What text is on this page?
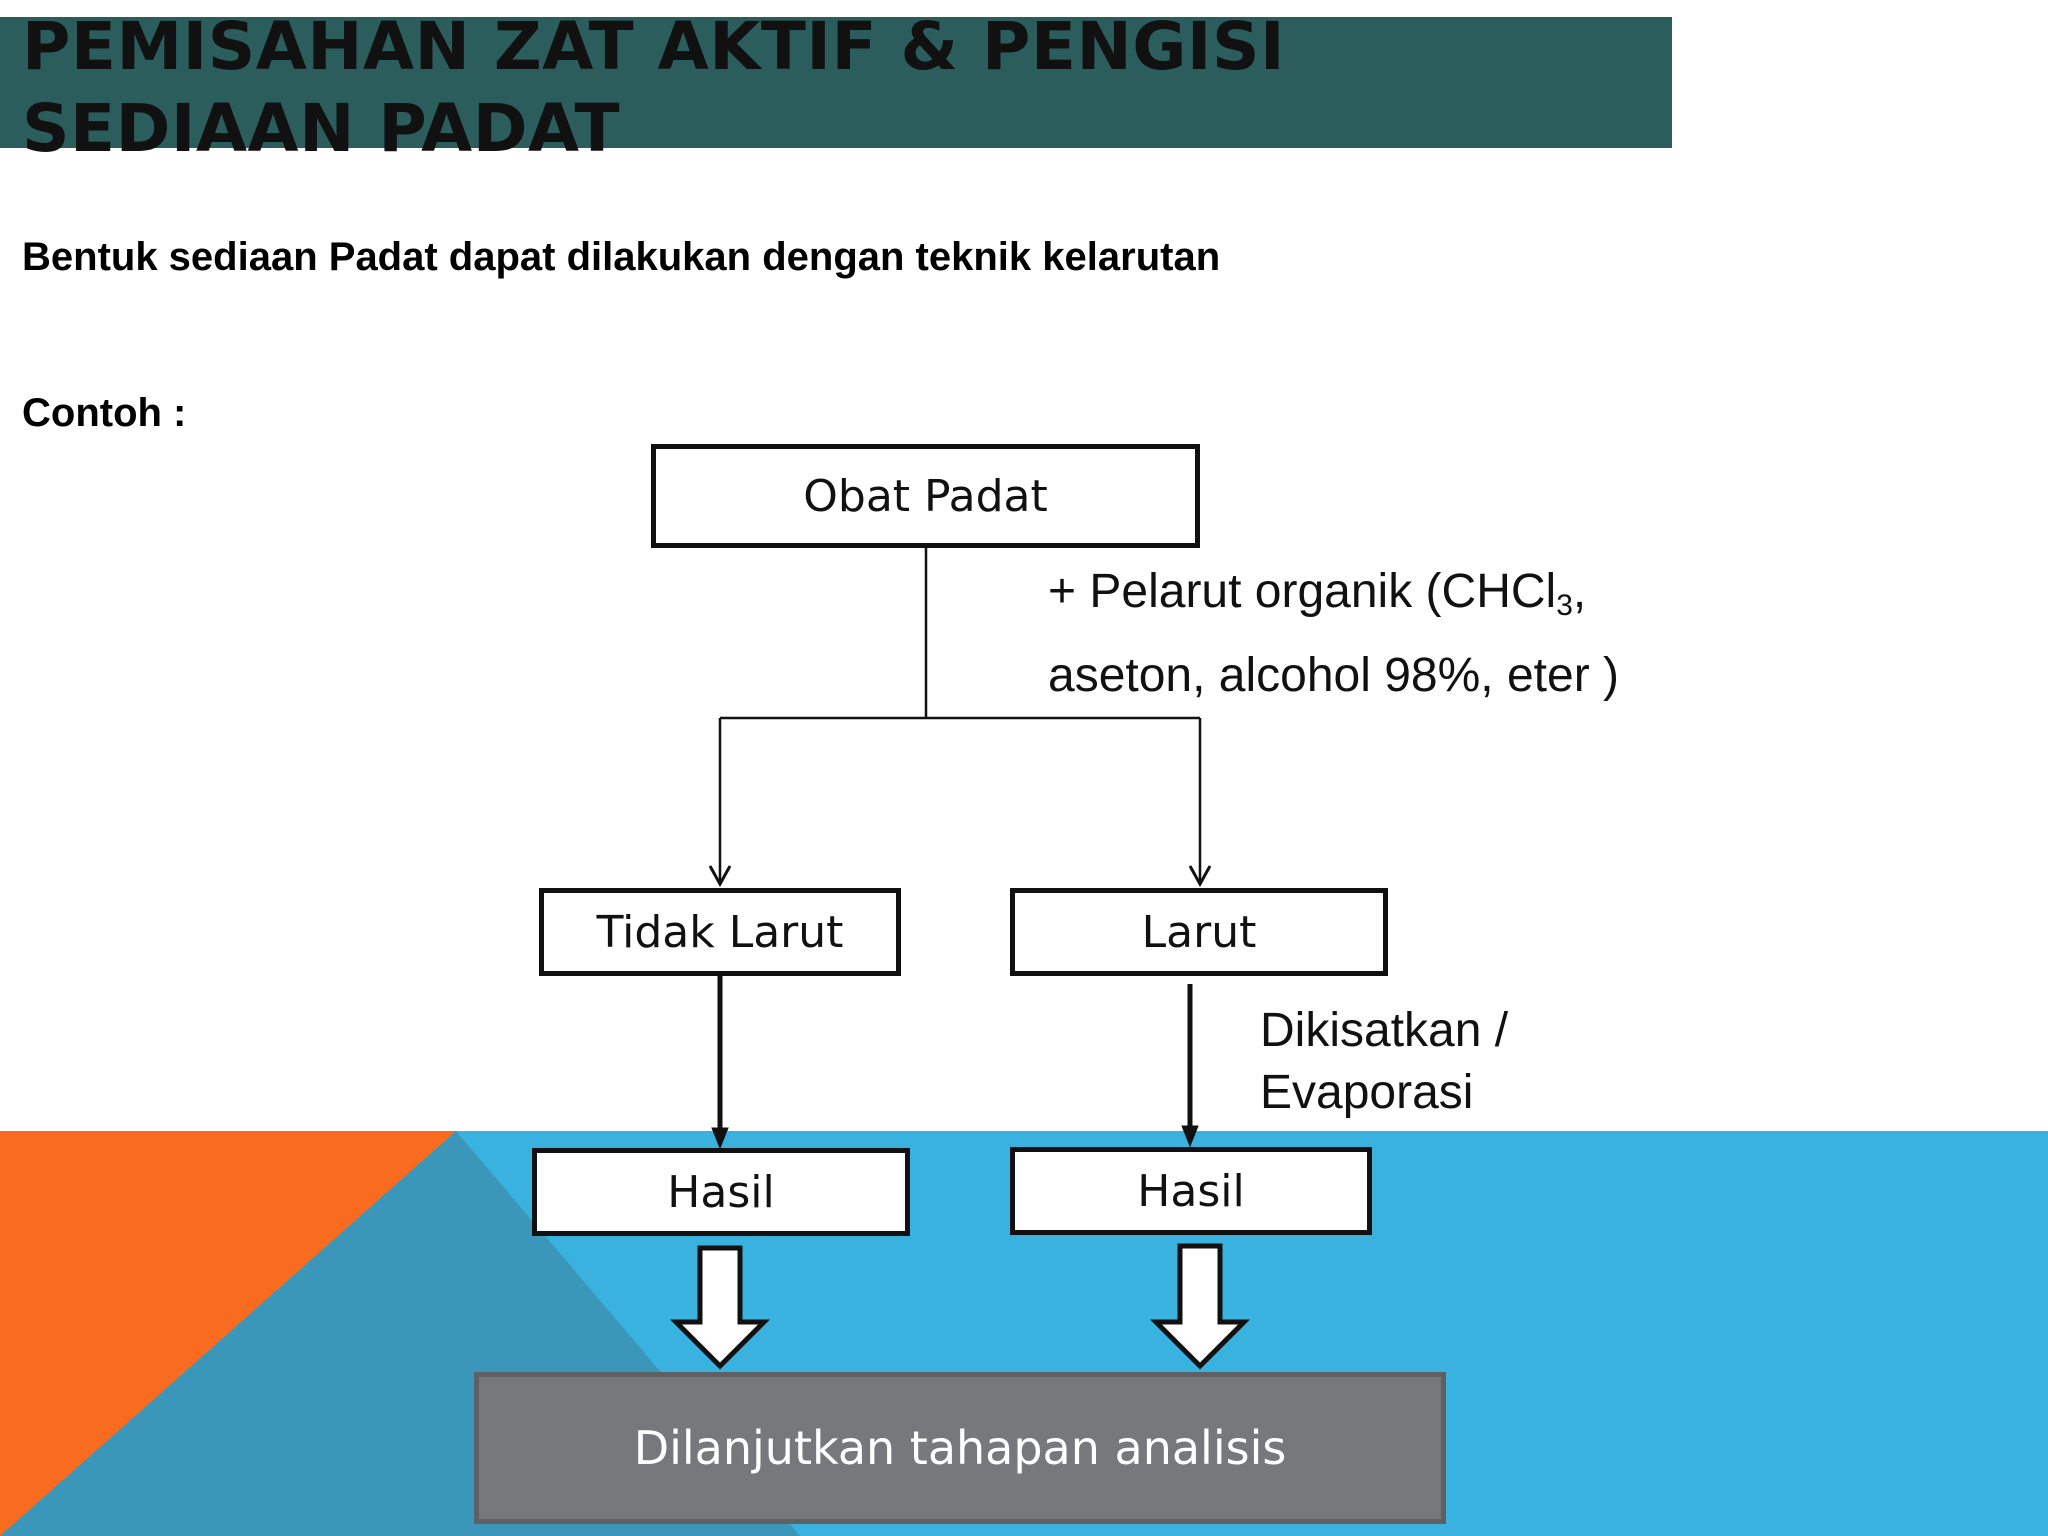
PEMISAHAN ZAT AKTIF & PENGISI SEDIAAN PADAT
Bentuk sediaan Padat dapat dilakukan dengan teknik kelarutan
Contoh :
Obat Padat
Tidak Larut	Larut
Hasil	Hasil
Dilanjutkan tahapan analisis
+ Pelarut organik (CHCl$_3$,
aseton, alcohol 98%, eter )
Dikisatkan /
Evaporasi
